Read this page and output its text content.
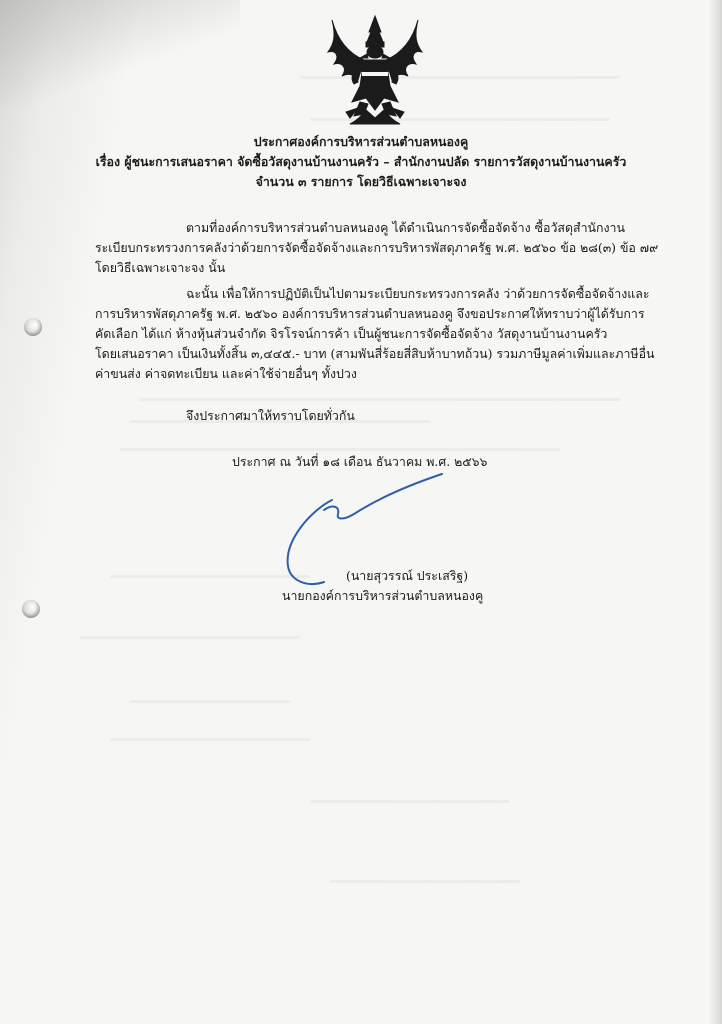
ประกาศองค์การบริหารส่วนตำบลหนองคู
เรื่อง ผู้ชนะการเสนอราคา จัดซื้อวัสดุงานบ้านงานครัว – สำนักงานปลัด รายการวัสดุงานบ้านงานครัว
จำนวน ๓ รายการ โดยวิธีเฉพาะเจาะจง
ตามที่องค์การบริหารส่วนตำบลหนองคู ได้ดำเนินการจัดซื้อจัดจ้าง ซื้อวัสดุสำนักงาน
ระเบียบกระทรวงการคลังว่าด้วยการจัดซื้อจัดจ้างและการบริหารพัสดุภาครัฐ พ.ศ. ๒๕๖๐ ข้อ ๒๘(๓) ข้อ ๗๙
โดยวิธีเฉพาะเจาะจง นั้น
ฉะนั้น เพื่อให้การปฏิบัติเป็นไปตามระเบียบกระทรวงการคลัง ว่าด้วยการจัดซื้อจัดจ้างและ
การบริหารพัสดุภาครัฐ พ.ศ. ๒๕๖๐ องค์การบริหารส่วนตำบลหนองคู จึงขอประกาศให้ทราบว่าผู้ได้รับการ
คัดเลือก ได้แก่ ห้างหุ้นส่วนจำกัด จิรโรจน์การค้า เป็นผู้ชนะการจัดซื้อจัดจ้าง วัสดุงานบ้านงานครัว
โดยเสนอราคา เป็นเงินทั้งสิ้น ๓,๔๔๕.- บาท (สามพันสี่ร้อยสี่สิบห้าบาทถ้วน) รวมภาษีมูลค่าเพิ่มและภาษีอื่น
ค่าขนส่ง ค่าจดทะเบียน และค่าใช้จ่ายอื่นๆ ทั้งปวง
จึงประกาศมาให้ทราบโดยทั่วกัน
ประกาศ ณ วันที่ ๑๘ เดือน ธันวาคม พ.ศ. ๒๕๖๖
(นายสุวรรณ์ ประเสริฐ)
นายกองค์การบริหารส่วนตำบลหนองคู
